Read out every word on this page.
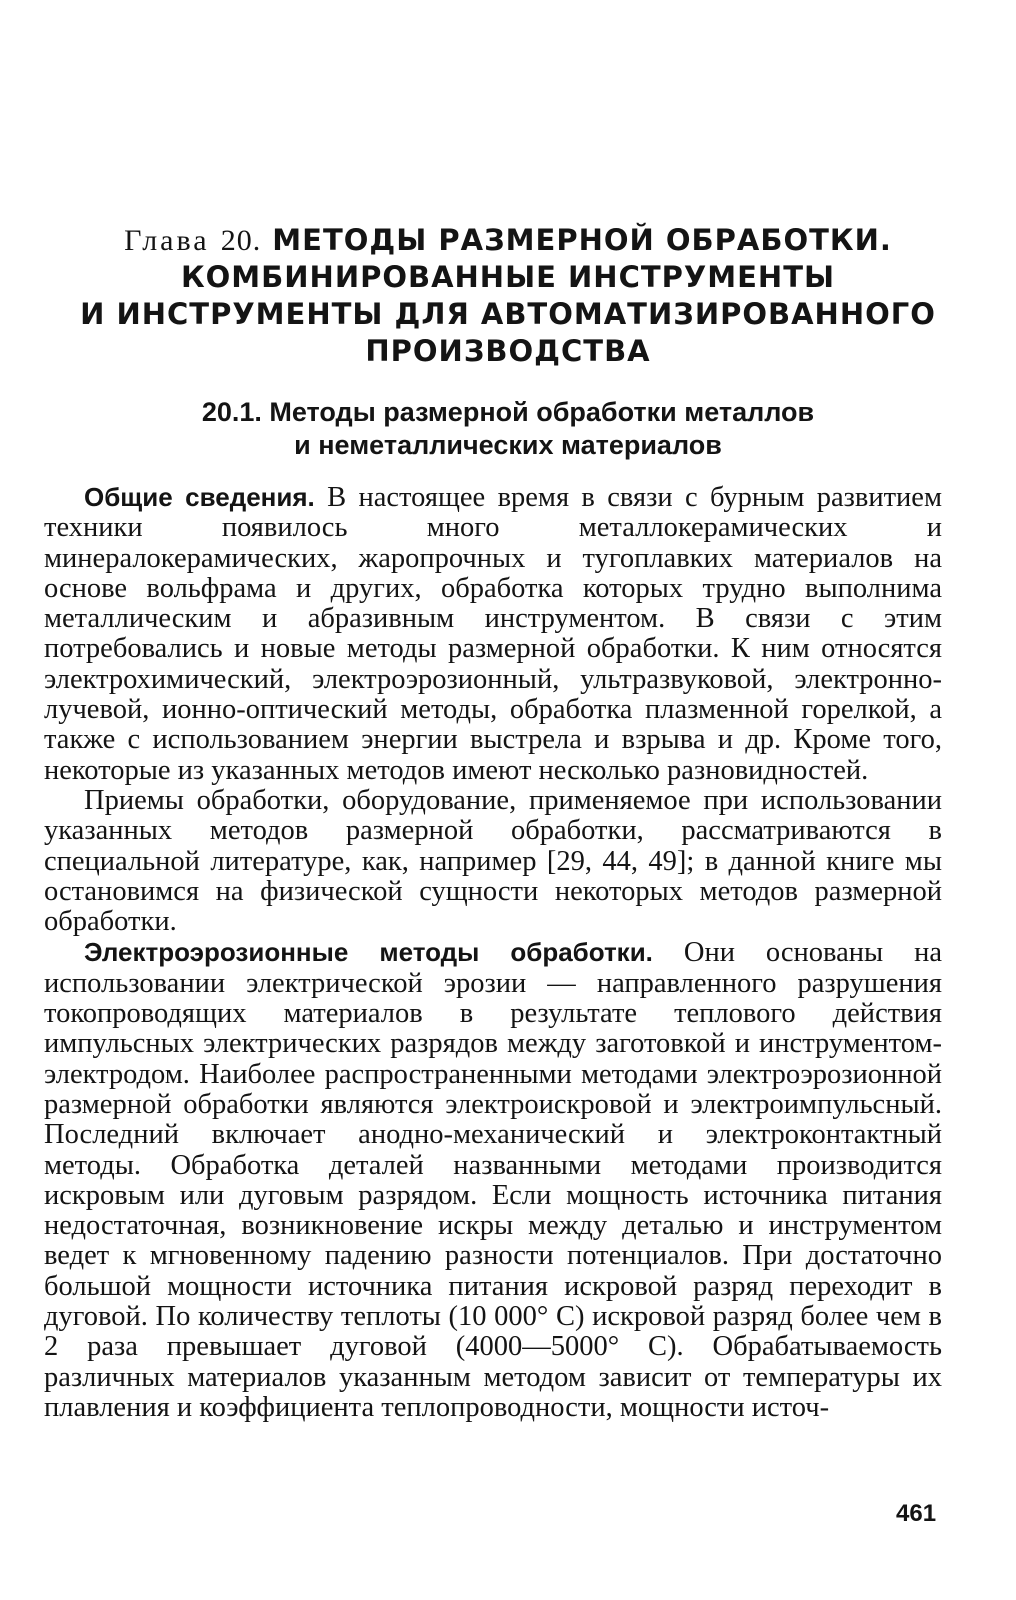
Глава 20. МЕТОДЫ РАЗМЕРНОЙ ОБРАБОТКИ.
КОМБИНИРОВАННЫЕ ИНСТРУМЕНТЫ
И ИНСТРУМЕНТЫ ДЛЯ АВТОМАТИЗИРОВАННОГО
ПРОИЗВОДСТВА
20.1. Методы размерной обработки металлов
и неметаллических материалов

Общие сведения. В настоящее время в связи с бурным развитием техники появилось много металлокерамических и минералокерамических, жаропрочных и тугоплавких материалов на основе вольфрама и других, обработка которых трудно выполнима металлическим и абразивным инструментом. В связи с этим потребовались и новые методы размерной обработки. К ним относятся электрохимический, электроэрозионный, ультразвуковой, электронно-лучевой, ионно-оптический методы, обработка плазменной горелкой, а также с использованием энергии выстрела и взрыва и др. Кроме того, некоторые из указанных методов имеют несколько разновидностей.

Приемы обработки, оборудование, применяемое при использовании указанных методов размерной обработки, рассматриваются в специальной литературе, как, например [29, 44, 49]; в данной книге мы остановимся на физической сущности некоторых методов размерной обработки.

Электроэрозионные методы обработки. Они основаны на использовании электрической эрозии — направленного разрушения токопроводящих материалов в результате теплового действия импульсных электрических разрядов между заготовкой и инструментом-электродом. Наиболее распространенными методами электроэрозионной размерной обработки являются электроискровой и электроимпульсный. Последний включает анодно-механический и электроконтактный методы. Обработка деталей названными методами производится искровым или дуговым разрядом. Если мощность источника питания недостаточная, возникновение искры между деталью и инструментом ведет к мгновенному падению разности потенциалов. При достаточно большой мощности источника питания искровой разряд переходит в дуговой. По количеству теплоты (10 000° С) искровой разряд более чем в 2 раза превышает дуговой (4000—5000° С). Обрабатываемость различных материалов указанным методом зависит от температуры их плавления и коэффициента теплопроводности, мощности источ-

461
